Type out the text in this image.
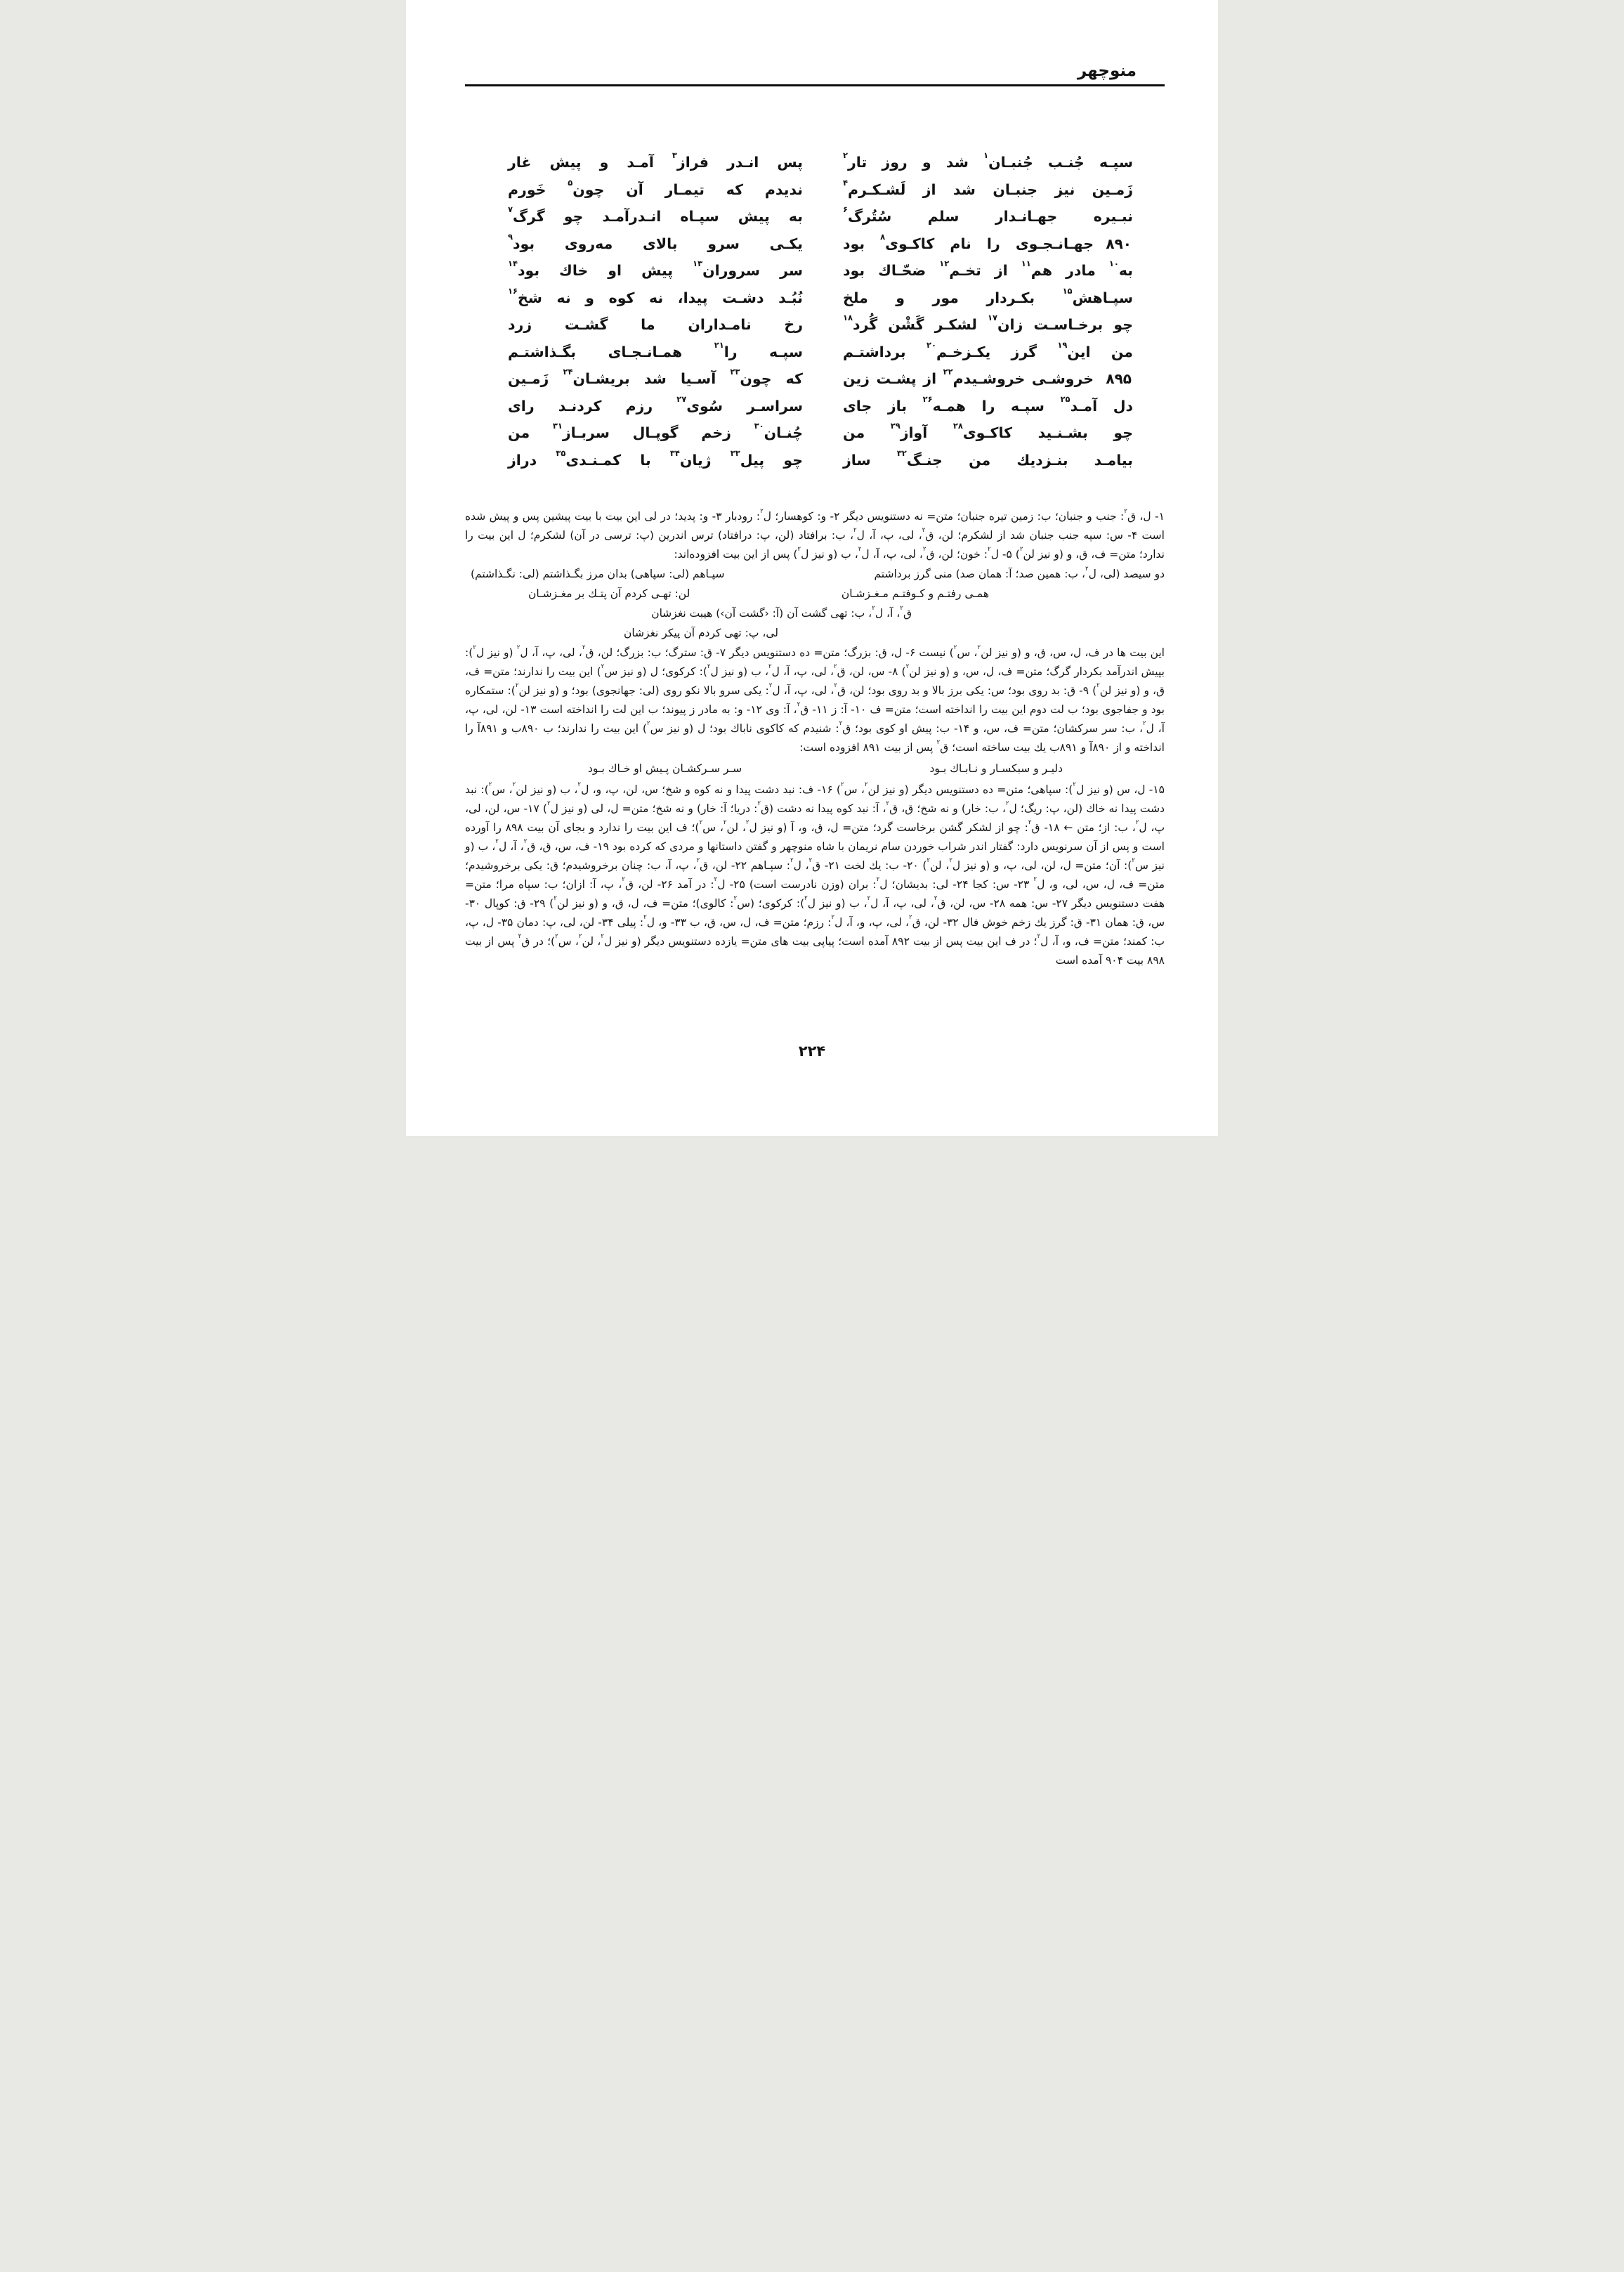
منوچهر
سپـه جُنـب جُنبـان$^۱$ شد و روز تار$^۲$
پس انـدر فراز$^۳$ آمـد و پیش غار
زَمـین نیز جنبـان شد از لَشـکـرم$^۴$
ندیدم که تیمـار آن چون$^۵$ خَورم
نبـیره جهـانـدار سلم سُتُرگ$^۶$
به پیش سپـاه انـدرآمـد چو گرگ$^۷$
۸۹۰
جهـانـجـوی را نام کاکـوی$^۸$ بود
یکـی سرو بالای مه‌روی بود$^۹$
به$^{۱۰}$ مادر هم$^{۱۱}$ از تخـم$^{۱۲}$ ضحّـاك بود
سر سروران$^{۱۳}$ پیش او خاك بود$^{۱۴}$
سپـاهش$^{۱۵}$ بکـردار مور و ملخ
نُبُـد دشـت پیدا، نه کوه و نه شخ$^{۱۶}$
چو برخـاسـت زان$^{۱۷}$ لشکـر گَشْن گُرد$^{۱۸}$
رخ نامـداران ما گشـت زرد
من این$^{۱۹}$ گرز یکـزخـم$^{۲۰}$ برداشتـم
سپـه را$^{۲۱}$ همـانـجـای بگـذاشتـم
۸۹۵
خروشـی خروشـیدم$^{۲۲}$ از پشـت زین
که چون$^{۲۳}$ آسـیا شد بریشـان$^{۲۴}$ زَمـین
دل آمـد$^{۲۵}$ سپـه را همـه$^{۲۶}$ باز جای
سراسـر سُوی$^{۲۷}$ رزم کردنـد رای
چو بشـنـید کاکـوی$^{۲۸}$ آواز$^{۲۹}$ من
چُنـان$^{۳۰}$ زخم گوپـال سربـاز$^{۳۱}$ من
بیامـد بنـزدیك من جنـگ$^{۳۲}$ ساز
چو پیل$^{۳۳}$ ژیان$^{۳۴}$ با کمـنـدی$^{۳۵}$ دراز

۱- ل، ق$^۲$: جنب و جنبان؛ ب: زمین تیره جنبان؛ متن= نه دستنویس دیگر ۲- و: کوهسار؛ ل$^۲$: رودبار ۳- و: پدید؛ در لی این بیت با بیت پیشین پس و پیش شده است ۴- س: سپه جنب جنبان شد از لشکرم؛ لن، ق$^۲$، لی، پ، آ، ل$^۲$، ب: برافتاد (لن، پ: درافتاد) ترس اندرین (پ: ترسی در آن) لشکرم؛ ل این بیت را ندارد؛ متن= ف، ق، و (و نیز لن$^۲$) ۵- ل$^۲$: خون؛ لن، ق$^۲$، لی، پ، آ، ل$^۲$، ب (و نیز ل$^۲$) پس از این بیت افزوده‌اند:

دو سیصد (لی، ل$^۲$، ب: همین صد؛ آ: همان صد) منی گرز برداشتم
سپـاهم (لی: سپاهی) بدان مرز بگـذاشتم (لی: نگـذاشتم)
همـی رفتـم و کـوفتـم مـغـزشـان
لن: تهـی کردم آن پتـك بر مغـزشـان
ق$^۲$، آ، ل$^۲$، ب: تهی گشت آن (آ: ‹گشت آن›) هیبت نغزشان
لی، پ: تهی کردم آن پیکر نغزشان

این بیت ها در ف، ل، س، ق، و (و نیز لن$^۲$، س$^۲$) نیست ۶- ل، ق: بزرگ؛ متن= ده دستنویس دیگر ۷- ق: سترگ؛ ب: بزرگ؛ لن، ق$^۲$، لی، پ، آ، ل$^۲$ (و نیز ل$^۲$): بپیش اندرآمد بکردار گرگ؛ متن= ف، ل، س، و (و نیز لن$^۲$) ۸- س، لن، ق$^۲$، لی، پ، آ، ل$^۲$، ب (و نیز ل$^۲$): کرکوی؛ ل (و نیز س$^۲$) این بیت را ندارند؛ متن= ف، ق، و (و نیز لن$^۲$) ۹- ق: بد روی بود؛ س: یکی برز بالا و بد روی بود؛ لن، ق$^۲$، لی، پ، آ، ل$^۲$: یکی سرو بالا نکو روی (لی: جهانجوی) بود؛ و (و نیز لن$^۲$): ستمکاره بود و جفاجوی بود؛ ب لت دوم این بیت را انداخته است؛ متن= ف ۱۰- آ: ز ۱۱- ق$^۲$، آ: وی ۱۲- و: به مادر ز پیوند؛ ب این لت را انداخته است ۱۳- لن، لی، پ، آ، ل$^۲$، ب: سر سرکشان؛ متن= ف، س، و ۱۴- ب: پیش او کوی بود؛ ق$^۲$: شنیدم که کاکوی ناباك بود؛ ل (و نیز س$^۲$) این بیت را ندارند؛ ب ۸۹۰ب و ۸۹۱آ را انداخته و از ۸۹۰آ و ۸۹۱ب یك بیت ساخته است؛ ق$^۲$ پس از بیت ۸۹۱ افزوده است:

دلیـر و سبکسـار و نـابـاك بـود
سـر سـرکشـان پـیش او خـاك بـود

۱۵- ل، س (و نیز ل$^۲$): سپاهی؛ متن= ده دستنویس دیگر (و نیز لن$^۲$، س$^۲$) ۱۶- ف: نبد دشت پیدا و نه کوه و شخ؛ س، لن، پ، و، ل$^۲$، ب (و نیز لن$^۲$، س$^۲$): نبد دشت پیدا نه خاك (لن، پ: ریگ؛ ل$^۲$، ب: خار) و نه شخ؛ ق، ق$^۲$، آ: نبد کوه پیدا نه دشت (ق$^۲$: دریا؛ آ: خار) و نه شخ؛ متن= ل، لی (و نیز ل$^۲$) ۱۷- س، لن، لی، پ، ل$^۲$، ب: از؛ متن ← ۱۸- ق$^۲$: چو از لشکر گشن برخاست گرد؛ متن= ل، ق، و، آ (و نیز ل$^۲$، لن$^۲$، س$^۲$)؛ ف این بیت را ندارد و بجای آن بیت ۸۹۸ را آورده است و پس از آن سرنویس دارد: گفتار اندر شراب خوردن سام نریمان با شاه منوچهر و گفتن داستانها و مردی که کرده بود ۱۹- ف، س، ق، ق$^۲$، آ، ل$^۲$، ب (و نیز س$^۲$): آن؛ متن= ل، لن، لی، پ، و (و نیز ل$^۲$، لن$^۲$) ۲۰- ب: یك لخت ۲۱- ق$^۲$، ل$^۲$: سپـاهم ۲۲- لن، ق$^۲$، پ، آ، ب: چنان برخروشیدم؛ ق: یکی برخروشیدم؛ متن= ف، ل، س، لی، و، ل$^۲$ ۲۳- س: کجا ۲۴- لی: بدیشان؛ ل$^۲$: بران (وزن نادرست است) ۲۵- ل$^۲$: در آمد ۲۶- لن، ق$^۲$، پ، آ: ازان؛ ب: سپاه مرا؛ متن= هفت دستنویس دیگر ۲۷- س: همه ۲۸- س، لن، ق$^۲$، لی، پ، آ، ل$^۲$، ب (و نیز ل$^۲$): کرکوی؛ (س$^۲$: کالوی)؛ متن= ف، ل، ق، و (و نیز لن$^۲$) ۲۹- ق: کوپال ۳۰- س، ق: همان ۳۱- ق: گرز یك زخم خوش فال ۳۲- لن، ق$^۲$، لی، پ، و، آ، ل$^۲$: رزم؛ متن= ف، ل، س، ق، ب ۳۳- و، ل$^۲$: پیلی ۳۴- لن، لی، پ: دمان ۳۵- ل، پ، ب: کمند؛ متن= ف، و، آ، ل$^۲$؛ در ف این بیت پس از بیت ۸۹۲ آمده است؛ پیاپی بیت های متن= یازده دستنویس دیگر (و نیز ل$^۲$، لن$^۲$، س$^۲$)؛ در ق$^۲$ پس از بیت ۸۹۸ بیت ۹۰۴ آمده است

۲۲۴
